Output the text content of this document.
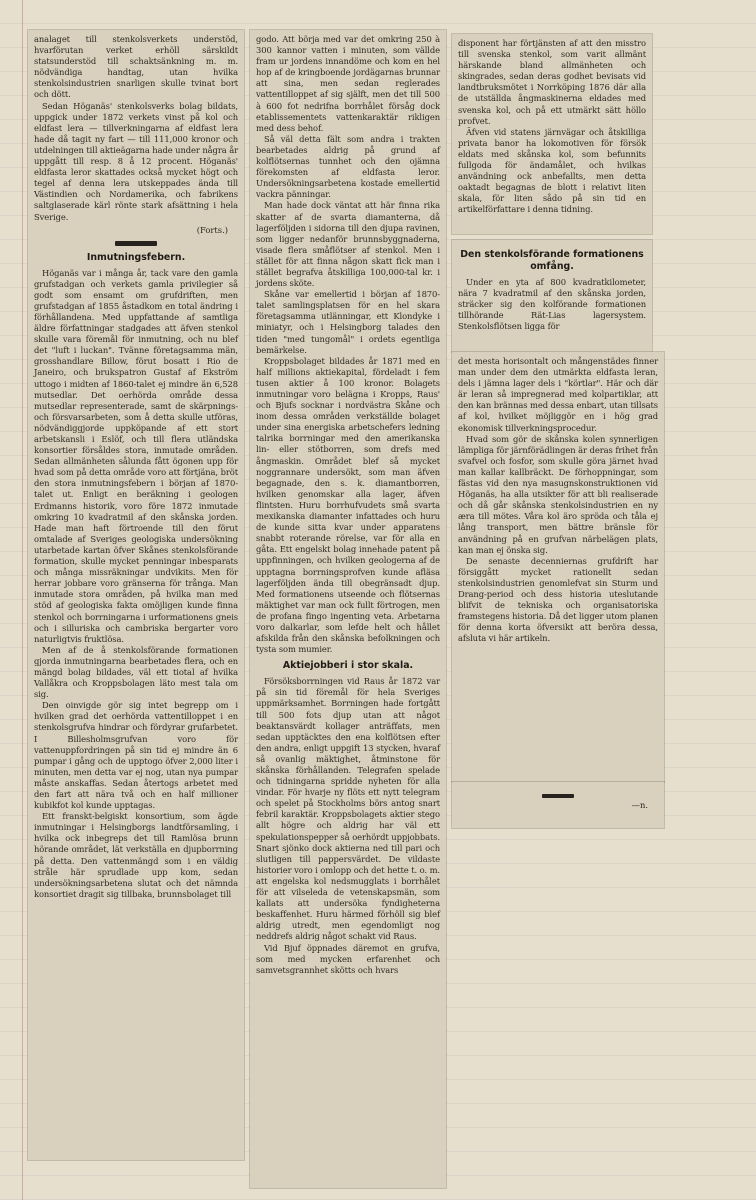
analaget till stenkolsverkets understöd, hvarförutan verket erhöll särskildt statsunderstöd till schaktsänkning m. m. nödvändiga handtag, utan hvilka stenkolsindustrien snarligen skulle tvinat bort och dött.

Sedan Höganäs' stenkolsverks bolag bildats, uppgick under 1872 verkets vinst på kol och eldfast lera — tillverkningarna af eldfast lera hade då tagit ny fart — till 111,000 kronor och utdelningen till aktieägarna hade under några år uppgått till resp. 8 å 12 procent. Höganäs' eldfasta leror skattades också mycket högt och tegel af denna lera utskeppades ända till Västindien och Nordamerika, och fabrikens saltglaserade kärl rönte stark afsättning i hela Sverige.

(Forts.)

Inmutningsfebern.

Höganäs var i många år, tack vare den gamla grufstadgan och verkets gamla privilegier så godt som ensamt om grufdriften, men grufstadgan af 1855 åstadkom en total ändring i förhållandena. Med uppfattande af samtliga äldre författningar stadgades att äfven stenkol skulle vara föremål för inmutning, och nu blef det "luft i luckan". Tvänne företagsamma män, grosshandlare Billow, förut bosatt i Rio de Janeiro, och brukspatron Gustaf af Ekström uttogo i midten af 1860-talet ej mindre än 6,528 mutsedlar. Det oerhörda område dessa mutsedlar representerade, samt de skärpnings- och försvarsarbeten, som å detta skulle utföras, nödvändiggjorde uppköpande af ett stort arbetskansli i Eslöf, och till flera utländska konsortier försåldes stora, inmutade områden. Sedan allmänheten sålunda fått ögonen upp för hvad som på detta område voro att förtjäna, bröt den stora inmutningsfebern i början af 1870-talet ut. Enligt en beräkning i geologen Erdmanns historik, voro före 1872 inmutade omkring 10 kvadratmil af den skånska jorden. Hade man haft förtroende till den förut omtalade af Sveriges geologiska undersökning utarbetade kartan öfver Skånes stenkolsförande formation, skulle mycket penningar inbesparats och många missräkningar undvikits. Men för herrar jobbare voro gränserna för trånga. Man inmutade stora områden, på hvilka man med stöd af geologiska fakta omöjligen kunde finna stenkol och borrningarna i urformationens gneis och i silluriska och cambriska bergarter voro naturligtvis fruktlösa.

Men af de å stenkolsförande formationen gjorda inmutningarna bearbetades flera, och en mängd bolag bildades, väl ett tiotal af hvilka Vallåkra och Kroppsbolagen läto mest tala om sig.

Den oinvigde gör sig intet begrepp om i hvilken grad det oerhörda vattentilloppet i en stenkolsgrufva hindrar och fördyrar grufarbetet. I Billesholmsgrufvan voro för vattenuppfordringen på sin tid ej mindre än 6 pumpar i gång och de upptogo öfver 2,000 liter i minuten, men detta var ej nog, utan nya pumpar måste anskaffas. Sedan återtogs arbetet med den fart att nära två och en half millioner kubikfot kol kunde upptagas.

Ett franskt-belgiskt konsortium, som ägde inmutningar i Helsingborgs landtförsamling, i hvilka ock inbegreps det till Ramlösa brunn hörande området, lät verkställa en djupborrning på detta. Den vattenmängd som i en väldig stråle här sprudlade upp kom, sedan undersökningsarbetena slutat och det nämnda konsortiet dragit sig tillbaka, brunnsbolaget till

godo. Att börja med var det omkring 250 à 300 kannor vatten i minuten, som vällde fram ur jordens innandöme och kom en hel hop af de kringboende jordägarnas brunnar att sina, men sedan reglerades vattentilloppet af sig själft, men det till 500 à 600 fot nedrifna borrhålet försåg dock etablissementets vattenkaraktär rikligen med dess behof.

Så väl detta fält som andra i trakten bearbetades aldrig på grund af kolflötsernas tunnhet och den ojämna förekomsten af eldfasta leror. Undersökningsarbetena kostade emellertid vackra pänningar.

Man hade dock väntat att här finna rika skatter af de svarta diamanterna, då lagerföljden i sidorna till den djupa ravinen, som ligger nedanför brunnsbyggnaderna, visade flera småflötser af stenkol. Men i stället för att finna någon skatt fick man i stället begrafva åtskilliga 100,000-tal kr. i jordens sköte.

Skåne var emellertid i början af 1870-talet samlingsplatsen för en hel skara företagsamma utlänningar, ett Klondyke i miniatyr, och i Helsingborg talades den tiden "med tungomål" i ordets egentliga bemärkelse.

Kroppsbolaget bildades år 1871 med en half millions aktiekapital, fördeladt i fem tusen aktier å 100 kronor. Bolagets inmutningar voro belägna i Kropps, Raus' och Bjufs socknar i nordvästra Skåne och inom dessa områden verkställde bolaget under sina energiska arbetschefers ledning talrika borrningar med den amerikanska lin- eller stötborren, som drefs med ångmaskin. Området blef så mycket noggrannare undersökt, som man äfven begagnade, den s. k. diamantborren, hvilken genomskar alla lager, äfven flintsten. Huru borrhufvudets små svarta mexikanska diamanter infattades och huru de kunde sitta kvar under apparatens snabbt roterande rörelse, var för alla en gåta. Ett engelskt bolag innehade patent på uppfinningen, och hvilken geologerna af de upptagna borrningsprofven kunde afläsa lagerföljden ända till obegränsadt djup. Med formationens utseende och flötsernas mäktighet var man ock fullt förtrogen, men de profana fingo ingenting veta. Arbetarna voro dalkarlar, som lefde helt och hållet afskilda från den skånska befolkningen och tysta som mumier.

Aktiejobberi i stor skala.

Försöksborrningen vid Raus år 1872 var på sin tid föremål för hela Sveriges uppmärksamhet. Borrningen hade fortgått till 500 fots djup utan att något beaktansvärdt kollager anträffats, men sedan upptäcktes den ena kolflötsen efter den andra, enligt uppgift 13 stycken, hvaraf så ovanlig mäktighet, åtminstone för skånska förhållanden. Telegrafen spelade och tidningarna spridde nyheten för alla vindar. För hvarje ny flöts ett nytt telegram och spelet på Stockholms börs antog snart febril karaktär. Kroppsbolagets aktier stego allt högre och aldrig har väl ett spekulationspepper så oerhördt uppjobbats. Snart sjönko dock aktierna ned till pari och slutligen till pappersvärdet. De vildaste historier voro i omlopp och det hette t. o. m. att engelska kol nedsmugglats i borrhålet för att vilseleda de vetenskapsmän, som kallats att undersöka fyndigheterna beskaffenhet. Huru härmed förhöll sig blef aldrig utredt, men egendomligt nog neddrefs aldrig något schakt vid Raus.

Vid Bjuf öppnades däremot en grufva, som med mycken erfarenhet och samvetsgrannhet skötts och hvars

disponent har förtjänsten af att den misstro till svenska stenkol, som varit allmänt härskande bland allmänheten och skingrades, sedan deras godhet bevisats vid landtbruksmötet i Norrköping 1876 där alla de utställda ångmaskinerna eldades med svenska kol, och på ett utmärkt sätt höllo profvet.

Äfven vid statens järnvägar och åtskilliga privata banor ha lokomotiven för försök eldats med skånska kol, som befunnits fullgoda för ändamålet, och hvilkas användning ock anbefallts, men detta oaktadt begagnas de blott i relativt liten skala, för liten sådo på sin tid en artikelförfattare i denna tidning.

Den stenkolsförande formationens omfång.

Under en yta af 800 kvadratkilometer, nära 7 kvadratmil af den skånska jorden, sträcker sig den kolförande formationen tillhörande Rät-Lias lagersystem. Stenkolsflötsen ligga för

det mesta horisontalt och mångenstädes finner man under dem den utmärkta eldfasta leran, dels i jämna lager dels i "körtlar". Här och där är leran så impregnerad med kolpartiklar, att den kan brännas med dessa enbart, utan tillsats af kol, hvilket möjliggör en i hög grad ekonomisk tillverkningsprocedur.

Hvad som gör de skånska kolen synnerligen lämpliga för järnförädlingen är deras frihet från svafvel och fosfor, som skulle göra järnet hvad man kallar kallbräckt. De förhoppningar, som fästas vid den nya masugnskonstruktionen vid Höganäs, ha alla utsikter för att bli realiserade och då går skånska stenkolsindustrien en ny æra till mötes. Våra kol äro spröda och tåla ej lång transport, men bättre bränsle för användning på en grufvan närbelägen plats, kan man ej önska sig.

De senaste decenniernas grufdrift har försiggått mycket rationellt sedan stenkolsindustrien genomlefvat sin Sturm und Drang-period och dess historia uteslutande blifvit de tekniska och organisatoriska framstegens historia. Då det ligger utom planen för denna korta öfversikt att beröra dessa, afsluta vi här artikeln.

—n.
